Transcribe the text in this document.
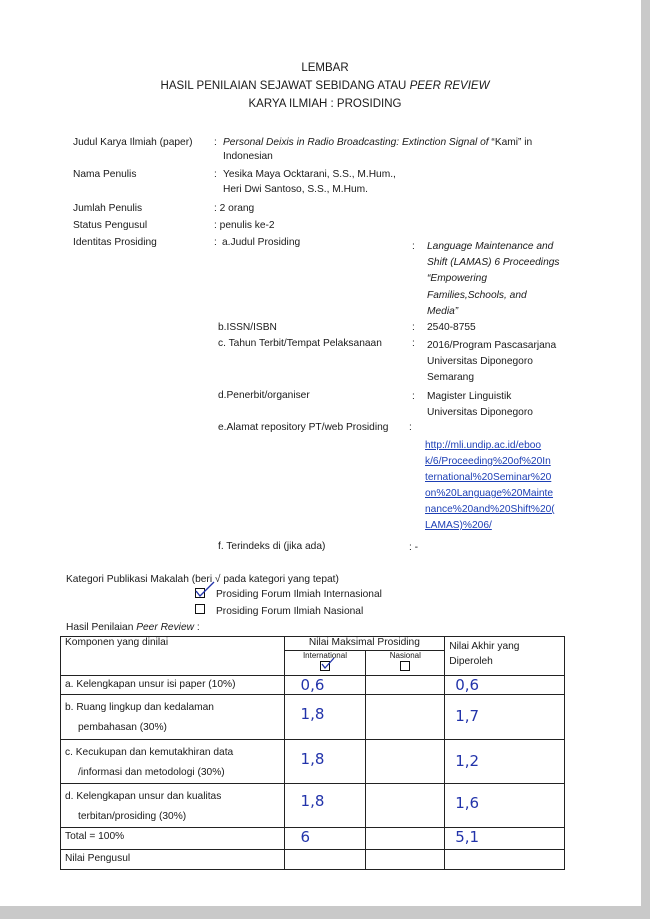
LEMBAR
HASIL PENILAIAN SEJAWAT SEBIDANG ATAU PEER REVIEW
KARYA ILMIAH : PROSIDING
Judul Karya Ilmiah (paper) : Personal Deixis in Radio Broadcasting: Extinction Signal of “Kami” in
Indonesian
Nama Penulis	: Yesika Maya Ocktarani, S.S., M.Hum.,
Heri Dwi Santoso, S.S., M.Hum.
Jumlah Penulis	: 2 orang
Status Pengusul	: penulis ke-2
Identitas Prosiding	: a.Judul Prosiding	: Language Maintenance and
Shift (LAMAS) 6 Proceedings
“Empowering
Families,Schools, and
Media”
b.ISSN/ISBN	: 2540-8755
c. Tahun Terbit/Tempat Pelaksanaan	: 2016/Program Pascasarjana
Universitas Diponegoro
Semarang
d.Penerbit/organiser	: Magister Linguistik
Universitas Diponegoro
e.Alamat repository PT/web Prosiding :
http://mli.undip.ac.id/eboo
k/6/Proceeding%20of%20In
ternational%20Seminar%20
on%20Language%20Mainte
nance%20and%20Shift%20(
LAMAS)%206/
f. Terindeks di (jika ada)	: -
Kategori Publikasi Makalah (beri √ pada kategori yang tepat)
Prosiding Forum Ilmiah Internasional
Prosiding Forum Ilmiah Nasional
Hasil Penilaian Peer Review :
Komponen yang dinilai	Nilai Maksimal Prosiding		Nilai Akhir yang Diperoleh

	International	Nasional	

a. Kelengkapan unsur isi paper (10%)	0,6		0,6

b. Ruang lingkup dan kedalaman
pembahasan (30%)	1,8		1,7

c. Kecukupan dan kemutakhiran data
/informasi dan metodologi (30%)	1,8		1,2

d. Kelengkapan unsur dan kualitas
terbitan/prosiding (30%)	1,8		1,6
Total = 100%	6		5,1
Nilai Pengusul			
